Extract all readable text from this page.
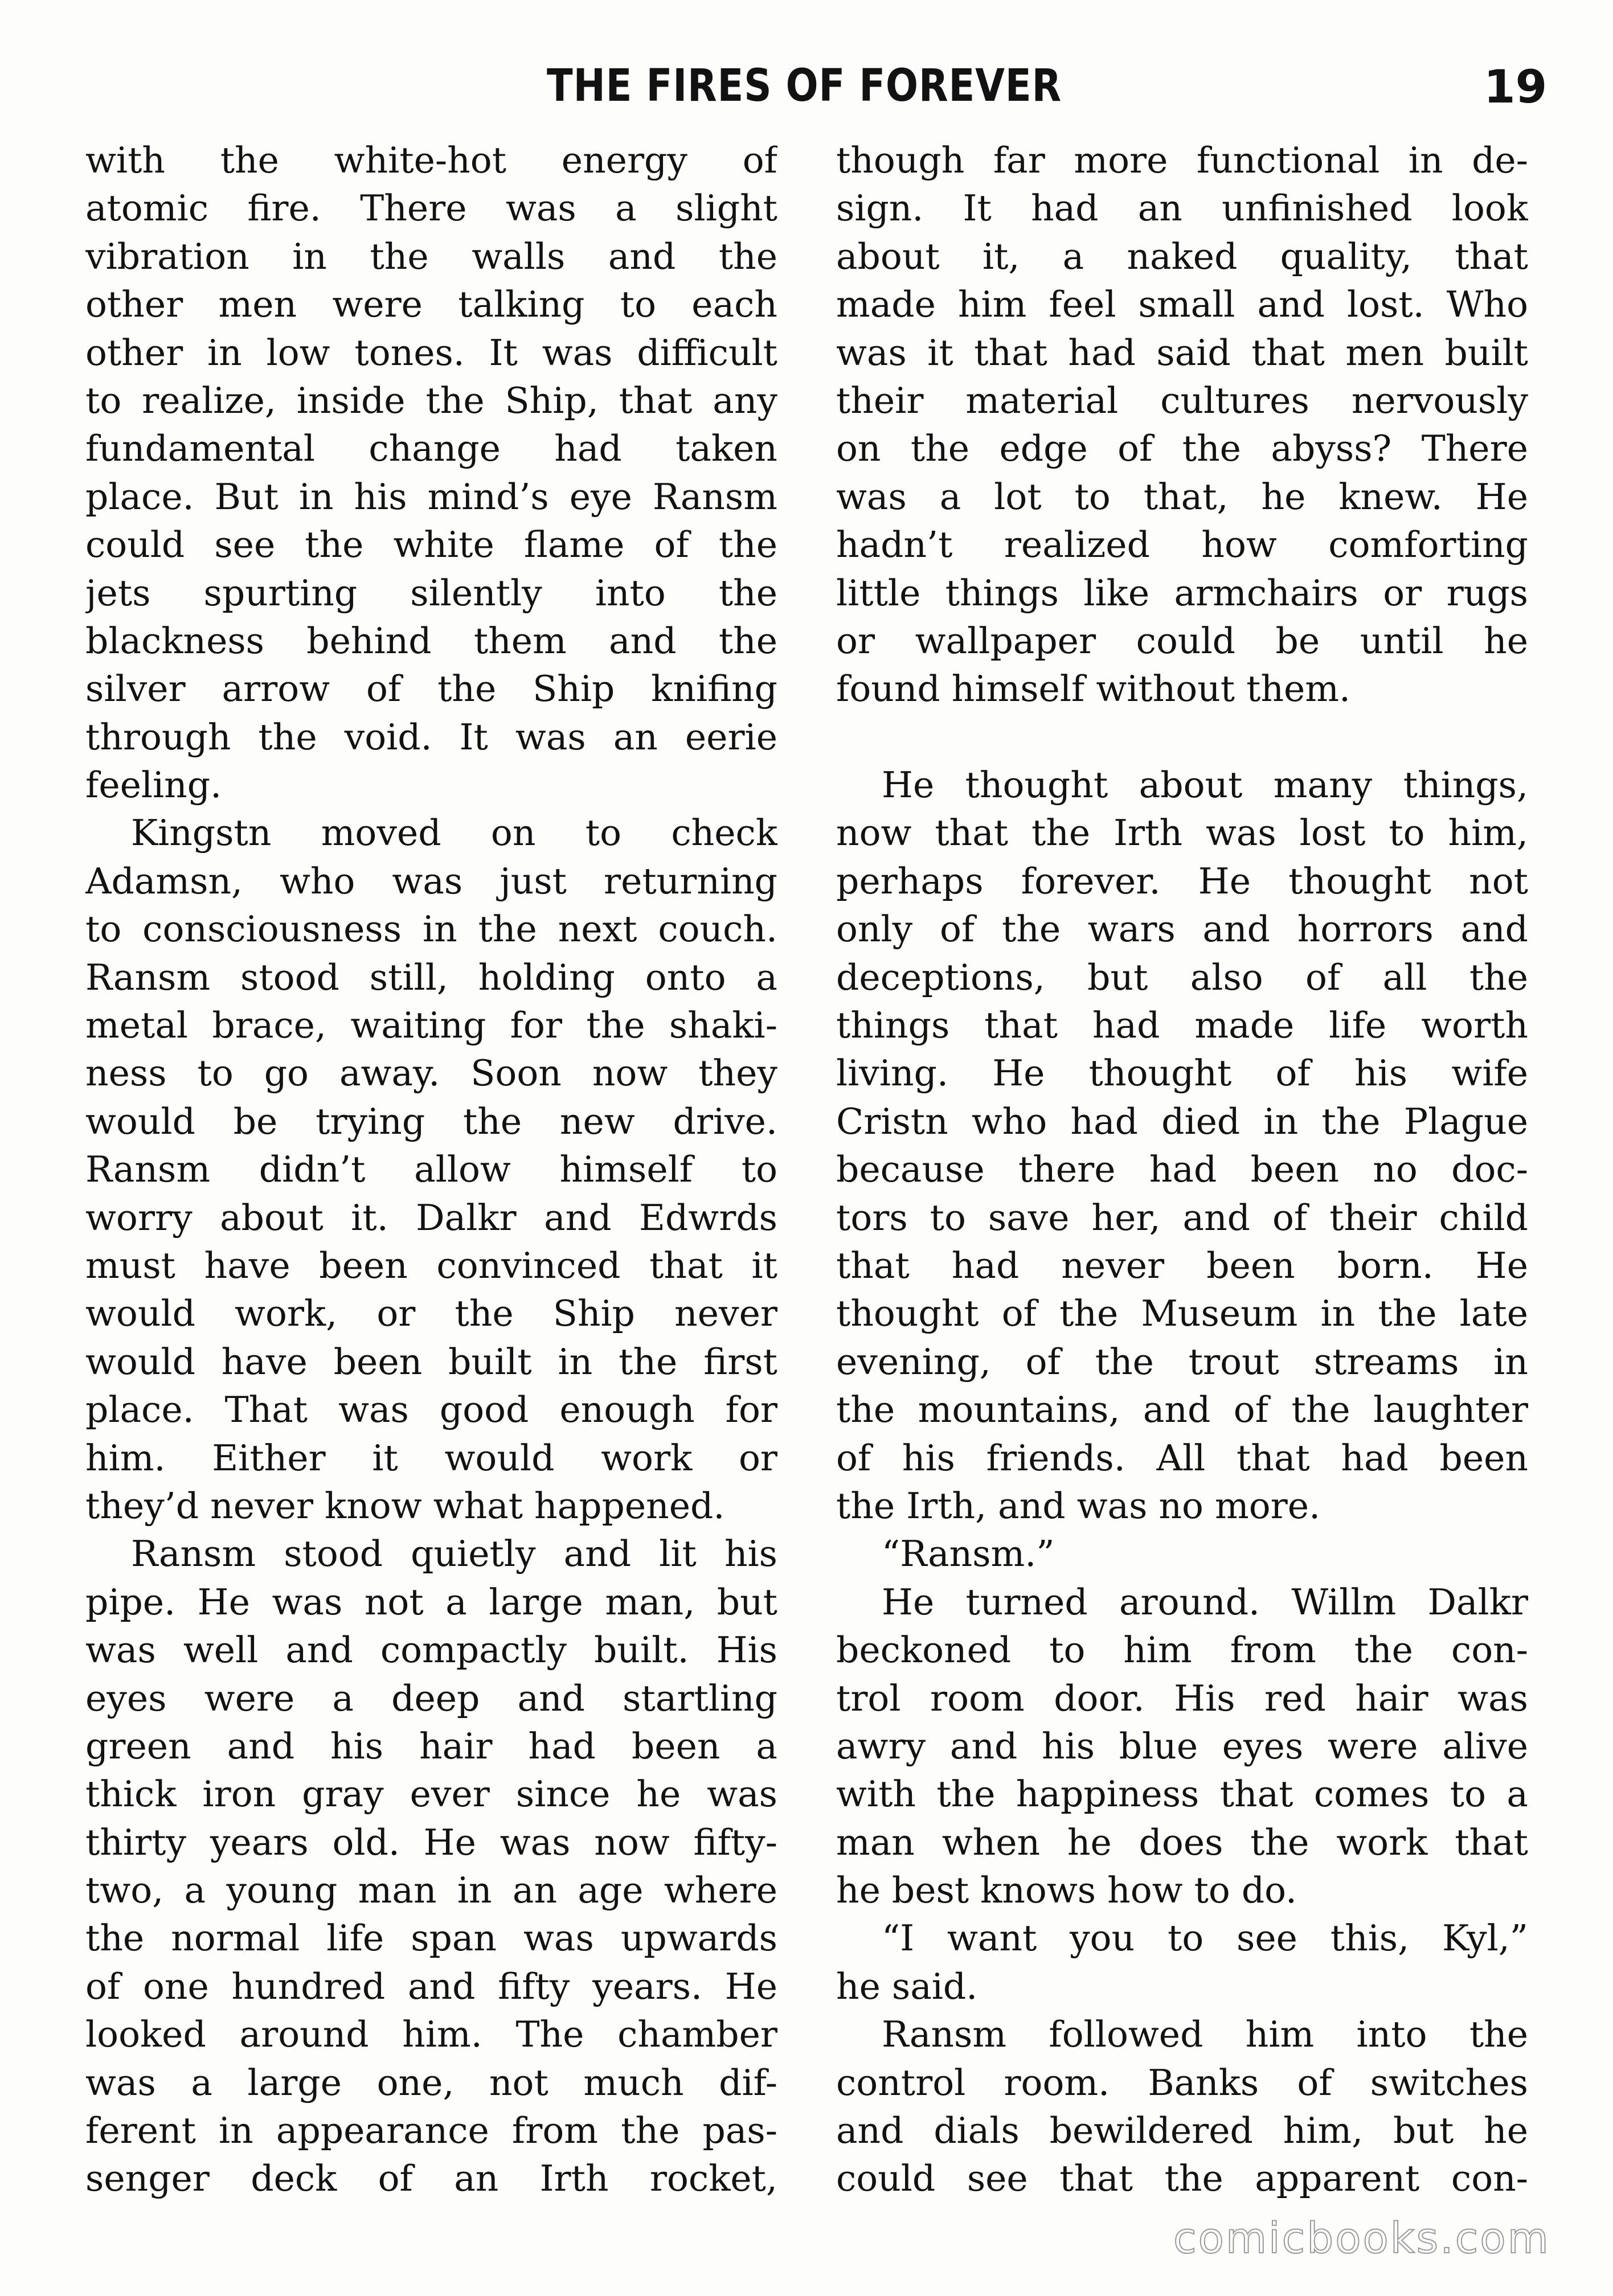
THE FIRES OF FOREVER	19
with the white-hot energy of
atomic fire. There was a slight
vibration in the walls and the
other men were talking to each
other in low tones. It was difficult
to realize, inside the Ship, that any
fundamental change had taken
place. But in his mind’s eye Ransm
could see the white flame of the
jets spurting silently into the
blackness behind them and the
silver arrow of the Ship knifing
through the void. It was an eerie
feeling.
Kingstn moved on to check
Adamsn, who was just returning
to consciousness in the next couch.
Ransm stood still, holding onto a
metal brace, waiting for the shaki-
ness to go away. Soon now they
would be trying the new drive.
Ransm didn’t allow himself to
worry about it. Dalkr and Edwrds
must have been convinced that it
would work, or the Ship never
would have been built in the first
place. That was good enough for
him. Either it would work or
they’d never know what happened.
Ransm stood quietly and lit his
pipe. He was not a large man, but
was well and compactly built. His
eyes were a deep and startling
green and his hair had been a
thick iron gray ever since he was
thirty years old. He was now fifty-
two, a young man in an age where
the normal life span was upwards
of one hundred and fifty years. He
looked around him. The chamber
was a large one, not much dif-
ferent in appearance from the pas-
senger deck of an Irth rocket,
though far more functional in de-
sign. It had an unfinished look
about it, a naked quality, that
made him feel small and lost. Who
was it that had said that men built
their material cultures nervously
on the edge of the abyss? There
was a lot to that, he knew. He
hadn’t realized how comforting
little things like armchairs or rugs
or wallpaper could be until he
found himself without them.

He thought about many things,
now that the Irth was lost to him,
perhaps forever. He thought not
only of the wars and horrors and
deceptions, but also of all the
things that had made life worth
living. He thought of his wife
Cristn who had died in the Plague
because there had been no doc-
tors to save her, and of their child
that had never been born. He
thought of the Museum in the late
evening, of the trout streams in
the mountains, and of the laughter
of his friends. All that had been
the Irth, and was no more.
“Ransm.”
He turned around. Willm Dalkr
beckoned to him from the con-
trol room door. His red hair was
awry and his blue eyes were alive
with the happiness that comes to a
man when he does the work that
he best knows how to do.
“I want you to see this, Kyl,”
he said.
Ransm followed him into the
control room. Banks of switches
and dials bewildered him, but he
could see that the apparent con-
comicbooks.com
